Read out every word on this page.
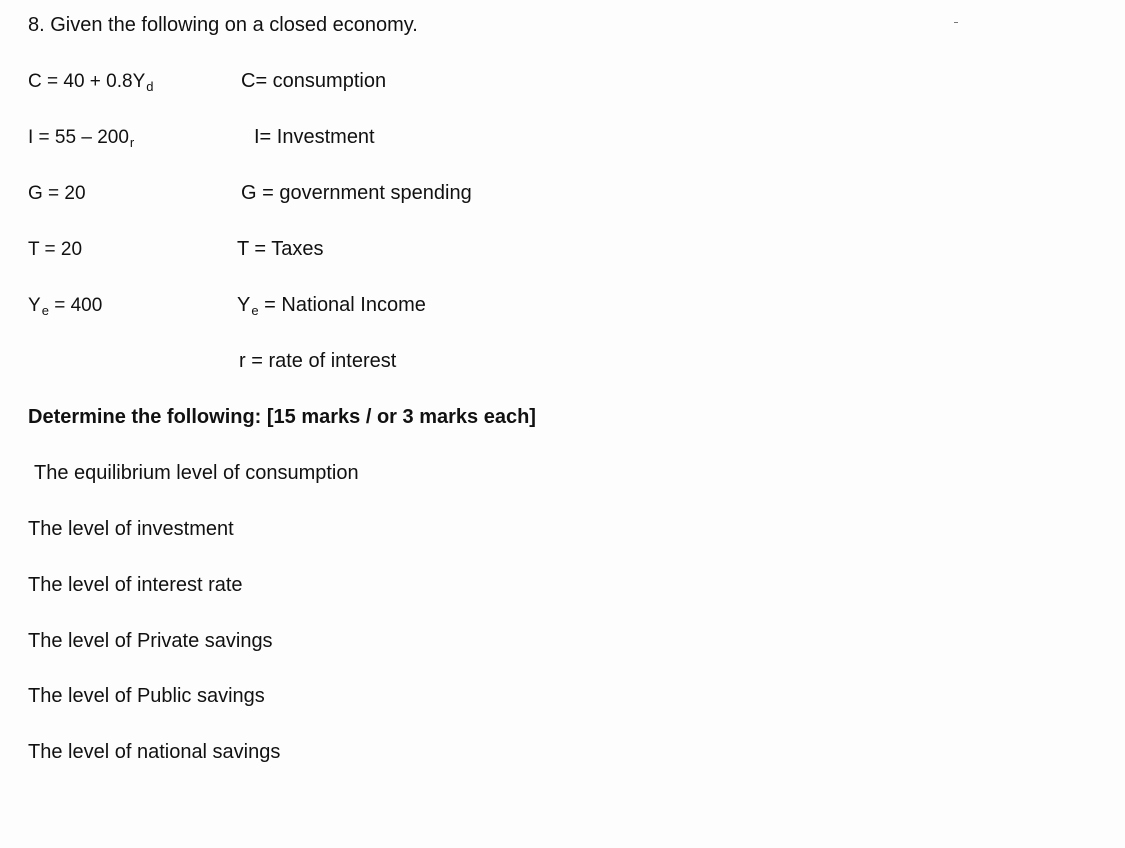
8. Given the following on a closed economy.
$C = 40 + 0.8Y_d$	C= consumption
$I = 55 - 200_r$	I= Investment
G = 20	G = government spending
T = 20	T = Taxes
$Y_e = 400$	$Y_e$ = National Income
r = rate of interest
Determine the following: [15 marks / or 3 marks each]
The equilibrium level of consumption
The level of investment
The level of interest rate
The level of Private savings
The level of Public savings
The level of national savings
